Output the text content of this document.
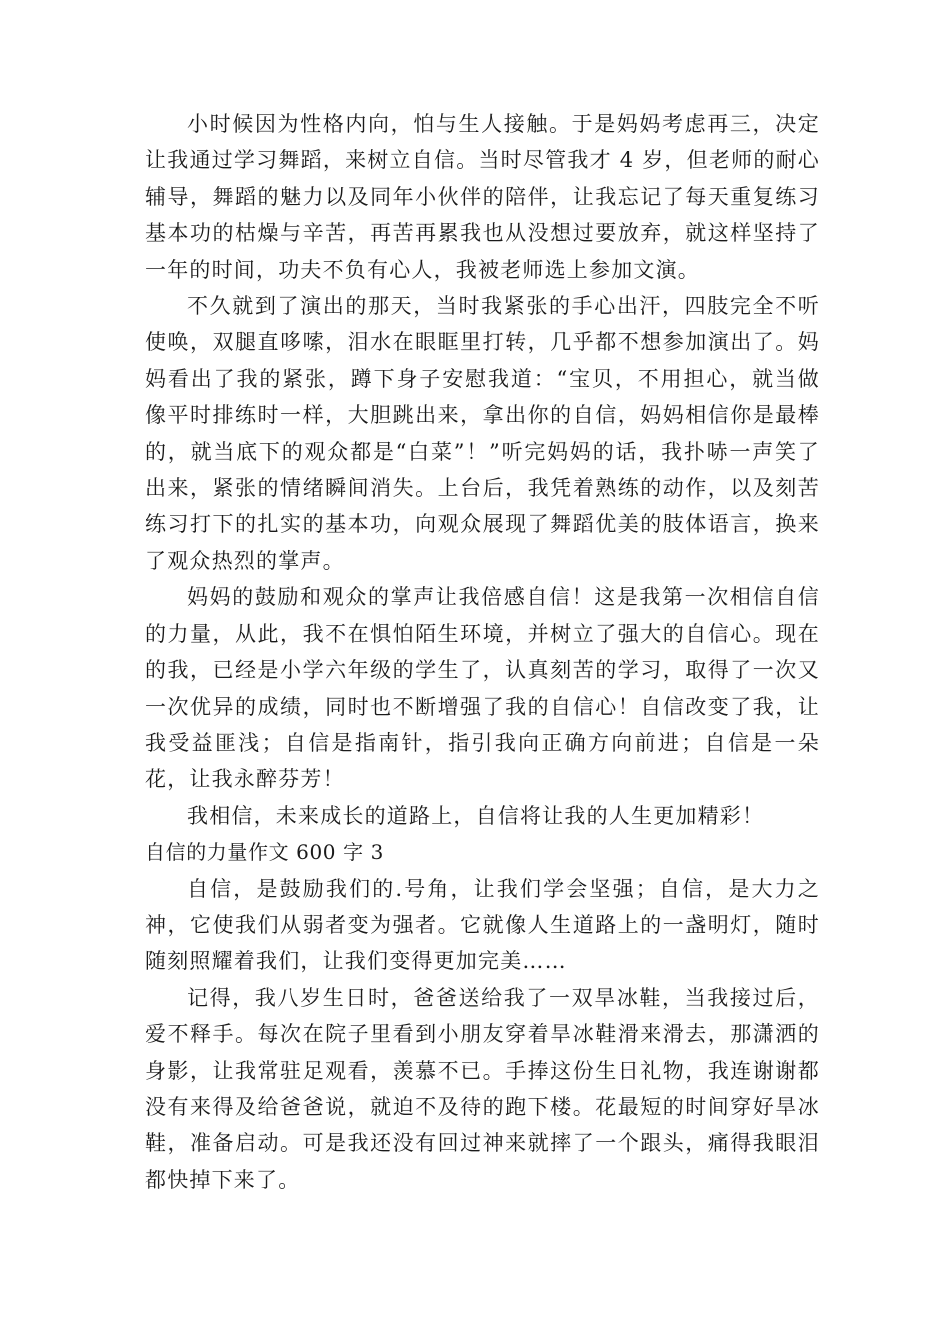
小时候因为性格内向，怕与生人接触。于是妈妈考虑再三，决定让我通过学习舞蹈，来树立自信。当时尽管我才 4 岁，但老师的耐心辅导，舞蹈的魅力以及同年小伙伴的陪伴，让我忘记了每天重复练习基本功的枯燥与辛苦，再苦再累我也从没想过要放弃，就这样坚持了一年的时间，功夫不负有心人，我被老师选上参加文演。

不久就到了演出的那天，当时我紧张的手心出汗，四肢完全不听使唤，双腿直哆嗦，泪水在眼眶里打转，几乎都不想参加演出了。妈妈看出了我的紧张，蹲下身子安慰我道：“宝贝，不用担心，就当做像平时排练时一样，大胆跳出来，拿出你的自信，妈妈相信你是最棒的，就当底下的观众都是“白菜”！”听完妈妈的话，我扑哧一声笑了出来，紧张的情绪瞬间消失。上台后，我凭着熟练的动作，以及刻苦练习打下的扎实的基本功，向观众展现了舞蹈优美的肢体语言，换来了观众热烈的掌声。

妈妈的鼓励和观众的掌声让我倍感自信！这是我第一次相信自信的力量，从此，我不在惧怕陌生环境，并树立了强大的自信心。现在的我，已经是小学六年级的学生了，认真刻苦的学习，取得了一次又一次优异的成绩，同时也不断增强了我的自信心！自信改变了我，让我受益匪浅；自信是指南针，指引我向正确方向前进；自信是一朵花，让我永醉芬芳！

我相信，未来成长的道路上，自信将让我的人生更加精彩！

自信的力量作文 600 字 3

自信，是鼓励我们的.号角，让我们学会坚强；自信，是大力之神，它使我们从弱者变为强者。它就像人生道路上的一盏明灯，随时随刻照耀着我们，让我们变得更加完美……

记得，我八岁生日时，爸爸送给我了一双旱冰鞋，当我接过后，爱不释手。每次在院子里看到小朋友穿着旱冰鞋滑来滑去，那潇洒的身影，让我常驻足观看，羡慕不已。手捧这份生日礼物，我连谢谢都没有来得及给爸爸说，就迫不及待的跑下楼。花最短的时间穿好旱冰鞋，准备启动。可是我还没有回过神来就摔了一个跟头，痛得我眼泪都快掉下来了。
